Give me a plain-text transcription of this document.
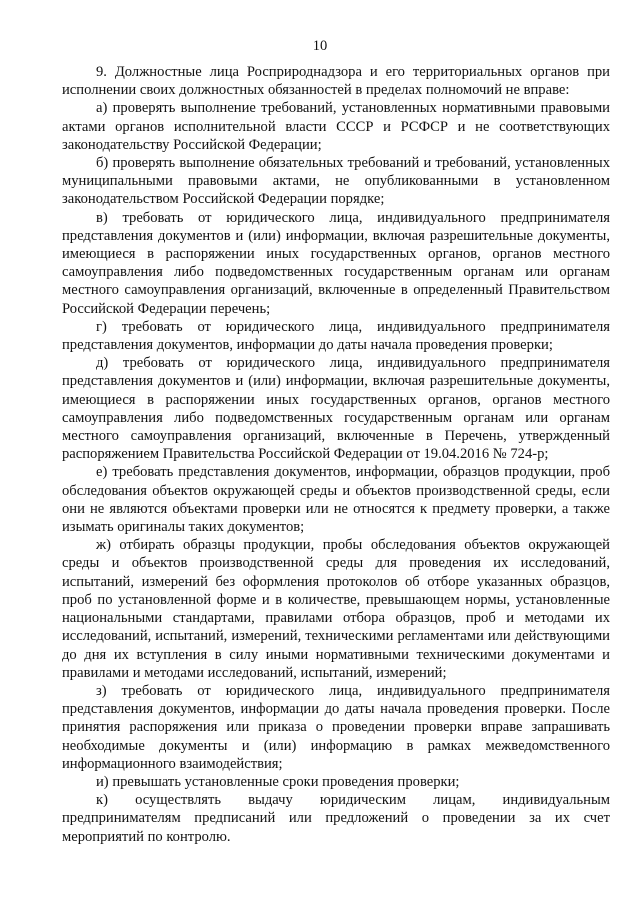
10

9. Должностные лица Росприроднадзора и его территориальных органов при исполнении своих должностных обязанностей в пределах полномочий не вправе:

а) проверять выполнение требований, установленных нормативными правовыми актами органов исполнительной власти СССР и РСФСР и не соответствующих законодательству Российской Федерации;

б) проверять выполнение обязательных требований и требований, установленных муниципальными правовыми актами, не опубликованными в установленном законодательством Российской Федерации порядке;

в) требовать от юридического лица, индивидуального предпринимателя представления документов и (или) информации, включая разрешительные документы, имеющиеся в распоряжении иных государственных органов, органов местного самоуправления либо подведомственных государственным органам или органам местного самоуправления организаций, включенные в определенный Правительством Российской Федерации перечень;

г) требовать от юридического лица, индивидуального предпринимателя представления документов, информации до даты начала проведения проверки;

д) требовать от юридического лица, индивидуального предпринимателя представления документов и (или) информации, включая разрешительные документы, имеющиеся в распоряжении иных государственных органов, органов местного самоуправления либо подведомственных государственным органам или органам местного самоуправления организаций, включенные в Перечень, утвержденный распоряжением Правительства Российской Федерации от 19.04.2016 № 724-р;

е) требовать представления документов, информации, образцов продукции, проб обследования объектов окружающей среды и объектов производственной среды, если они не являются объектами проверки или не относятся к предмету проверки, а также изымать оригиналы таких документов;

ж) отбирать образцы продукции, пробы обследования объектов окружающей среды и объектов производственной среды для проведения их исследований, испытаний, измерений без оформления протоколов об отборе указанных образцов, проб по установленной форме и в количестве, превышающем нормы, установленные национальными стандартами, правилами отбора образцов, проб и методами их исследований, испытаний, измерений, техническими регламентами или действующими до дня их вступления в силу иными нормативными техническими документами и правилами и методами исследований, испытаний, измерений;

з) требовать от юридического лица, индивидуального предпринимателя представления документов, информации до даты начала проведения проверки. После принятия распоряжения или приказа о проведении проверки вправе запрашивать необходимые документы и (или) информацию в рамках межведомственного информационного взаимодействия;

и) превышать установленные сроки проведения проверки;

к) осуществлять выдачу юридическим лицам, индивидуальным предпринимателям предписаний или предложений о проведении за их счет мероприятий по контролю.
